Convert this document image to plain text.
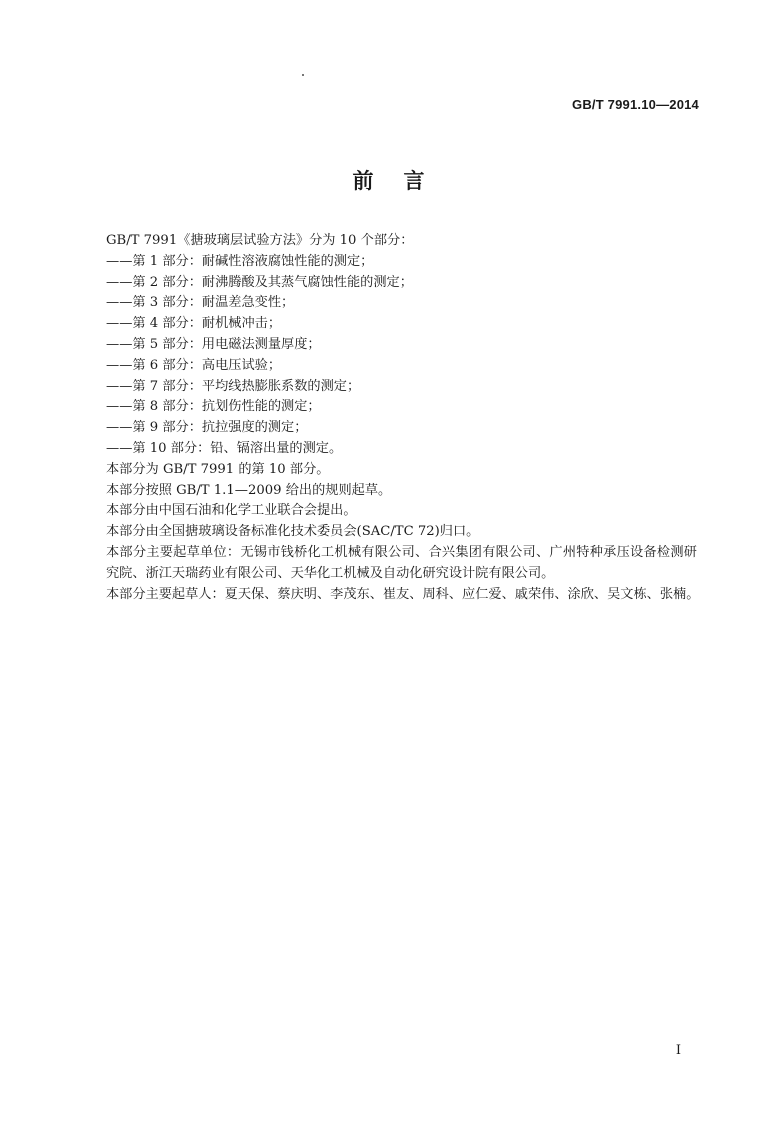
GB/T 7991.10—2014
前言
GB/T 7991《搪玻璃层试验方法》分为 10 个部分：
——第 1 部分：耐碱性溶液腐蚀性能的测定；
——第 2 部分：耐沸腾酸及其蒸气腐蚀性能的测定；
——第 3 部分：耐温差急变性；
——第 4 部分：耐机械冲击；
——第 5 部分：用电磁法测量厚度；
——第 6 部分：高电压试验；
——第 7 部分：平均线热膨胀系数的测定；
——第 8 部分：抗划伤性能的测定；
——第 9 部分：抗拉强度的测定；
——第 10 部分：铅、镉溶出量的测定。
本部分为 GB/T 7991 的第 10 部分。
本部分按照 GB/T 1.1—2009 给出的规则起草。
本部分由中国石油和化学工业联合会提出。
本部分由全国搪玻璃设备标准化技术委员会(SAC/TC 72)归口。
本部分主要起草单位：无锡市钱桥化工机械有限公司、合兴集团有限公司、广州特种承压设备检测研究院、浙江天瑞药业有限公司、天华化工机械及自动化研究设计院有限公司。
本部分主要起草人：夏天保、蔡庆明、李茂东、崔友、周科、应仁爱、戚荣伟、涂欣、吴文栋、张楠。
I
